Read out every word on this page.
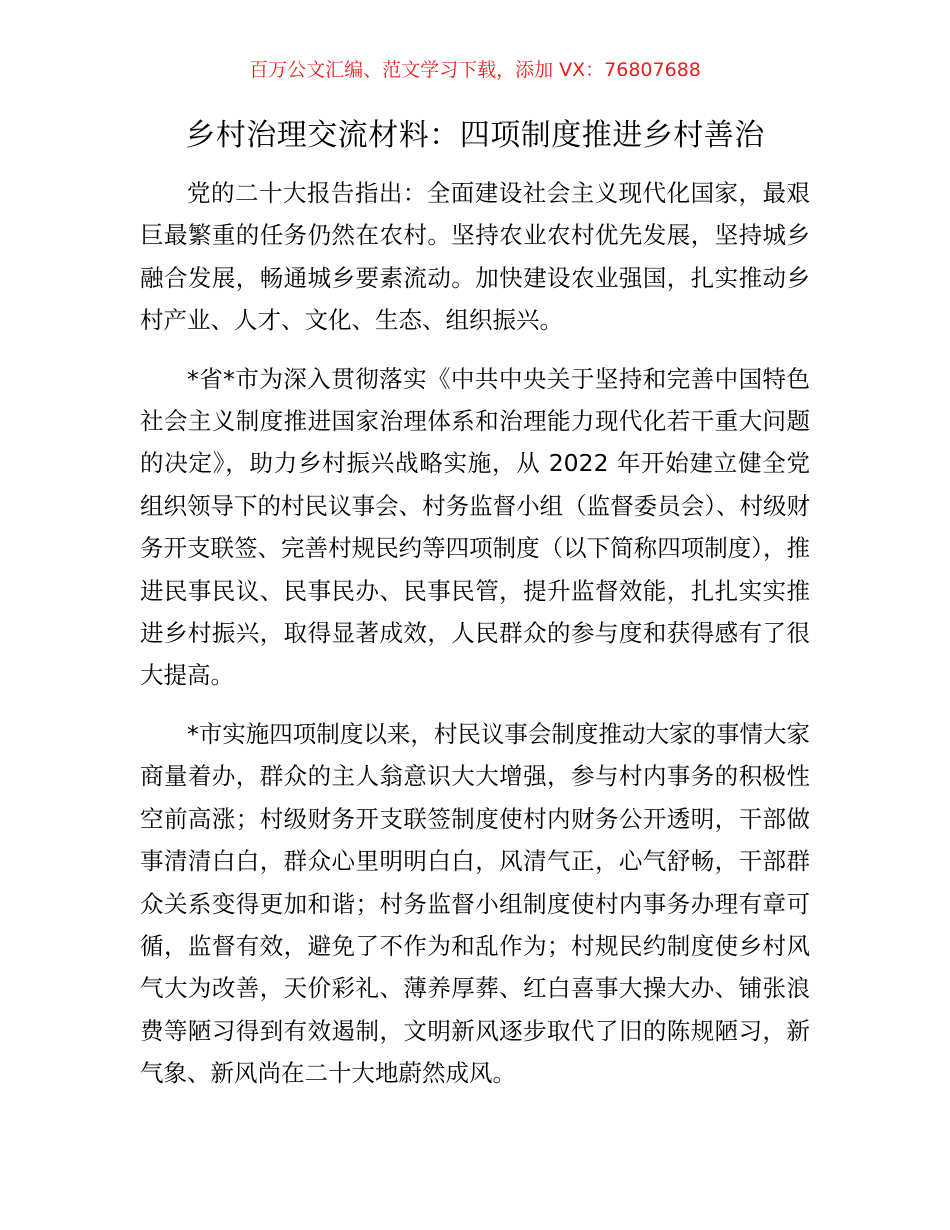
百万公文汇编、范文学习下载，添加 VX：76807688
乡村治理交流材料：四项制度推进乡村善治

党的二十大报告指出：全面建设社会主义现代化国家，最艰巨最繁重的任务仍然在农村。坚持农业农村优先发展，坚持城乡融合发展，畅通城乡要素流动。加快建设农业强国，扎实推动乡村产业、人才、文化、生态、组织振兴。

*省*市为深入贯彻落实《中共中央关于坚持和完善中国特色社会主义制度推进国家治理体系和治理能力现代化若干重大问题的决定》，助力乡村振兴战略实施，从 2022 年开始建立健全党组织领导下的村民议事会、村务监督小组（监督委员会）、村级财务开支联签、完善村规民约等四项制度（以下简称四项制度），推进民事民议、民事民办、民事民管，提升监督效能，扎扎实实推进乡村振兴，取得显著成效，人民群众的参与度和获得感有了很大提高。

*市实施四项制度以来，村民议事会制度推动大家的事情大家商量着办，群众的主人翁意识大大增强，参与村内事务的积极性空前高涨；村级财务开支联签制度使村内财务公开透明，干部做事清清白白，群众心里明明白白，风清气正，心气舒畅，干部群众关系变得更加和谐；村务监督小组制度使村内事务办理有章可循，监督有效，避免了不作为和乱作为；村规民约制度使乡村风气大为改善，天价彩礼、薄养厚葬、红白喜事大操大办、铺张浪费等陋习得到有效遏制，文明新风逐步取代了旧的陈规陋习，新气象、新风尚在二十大地蔚然成风。
